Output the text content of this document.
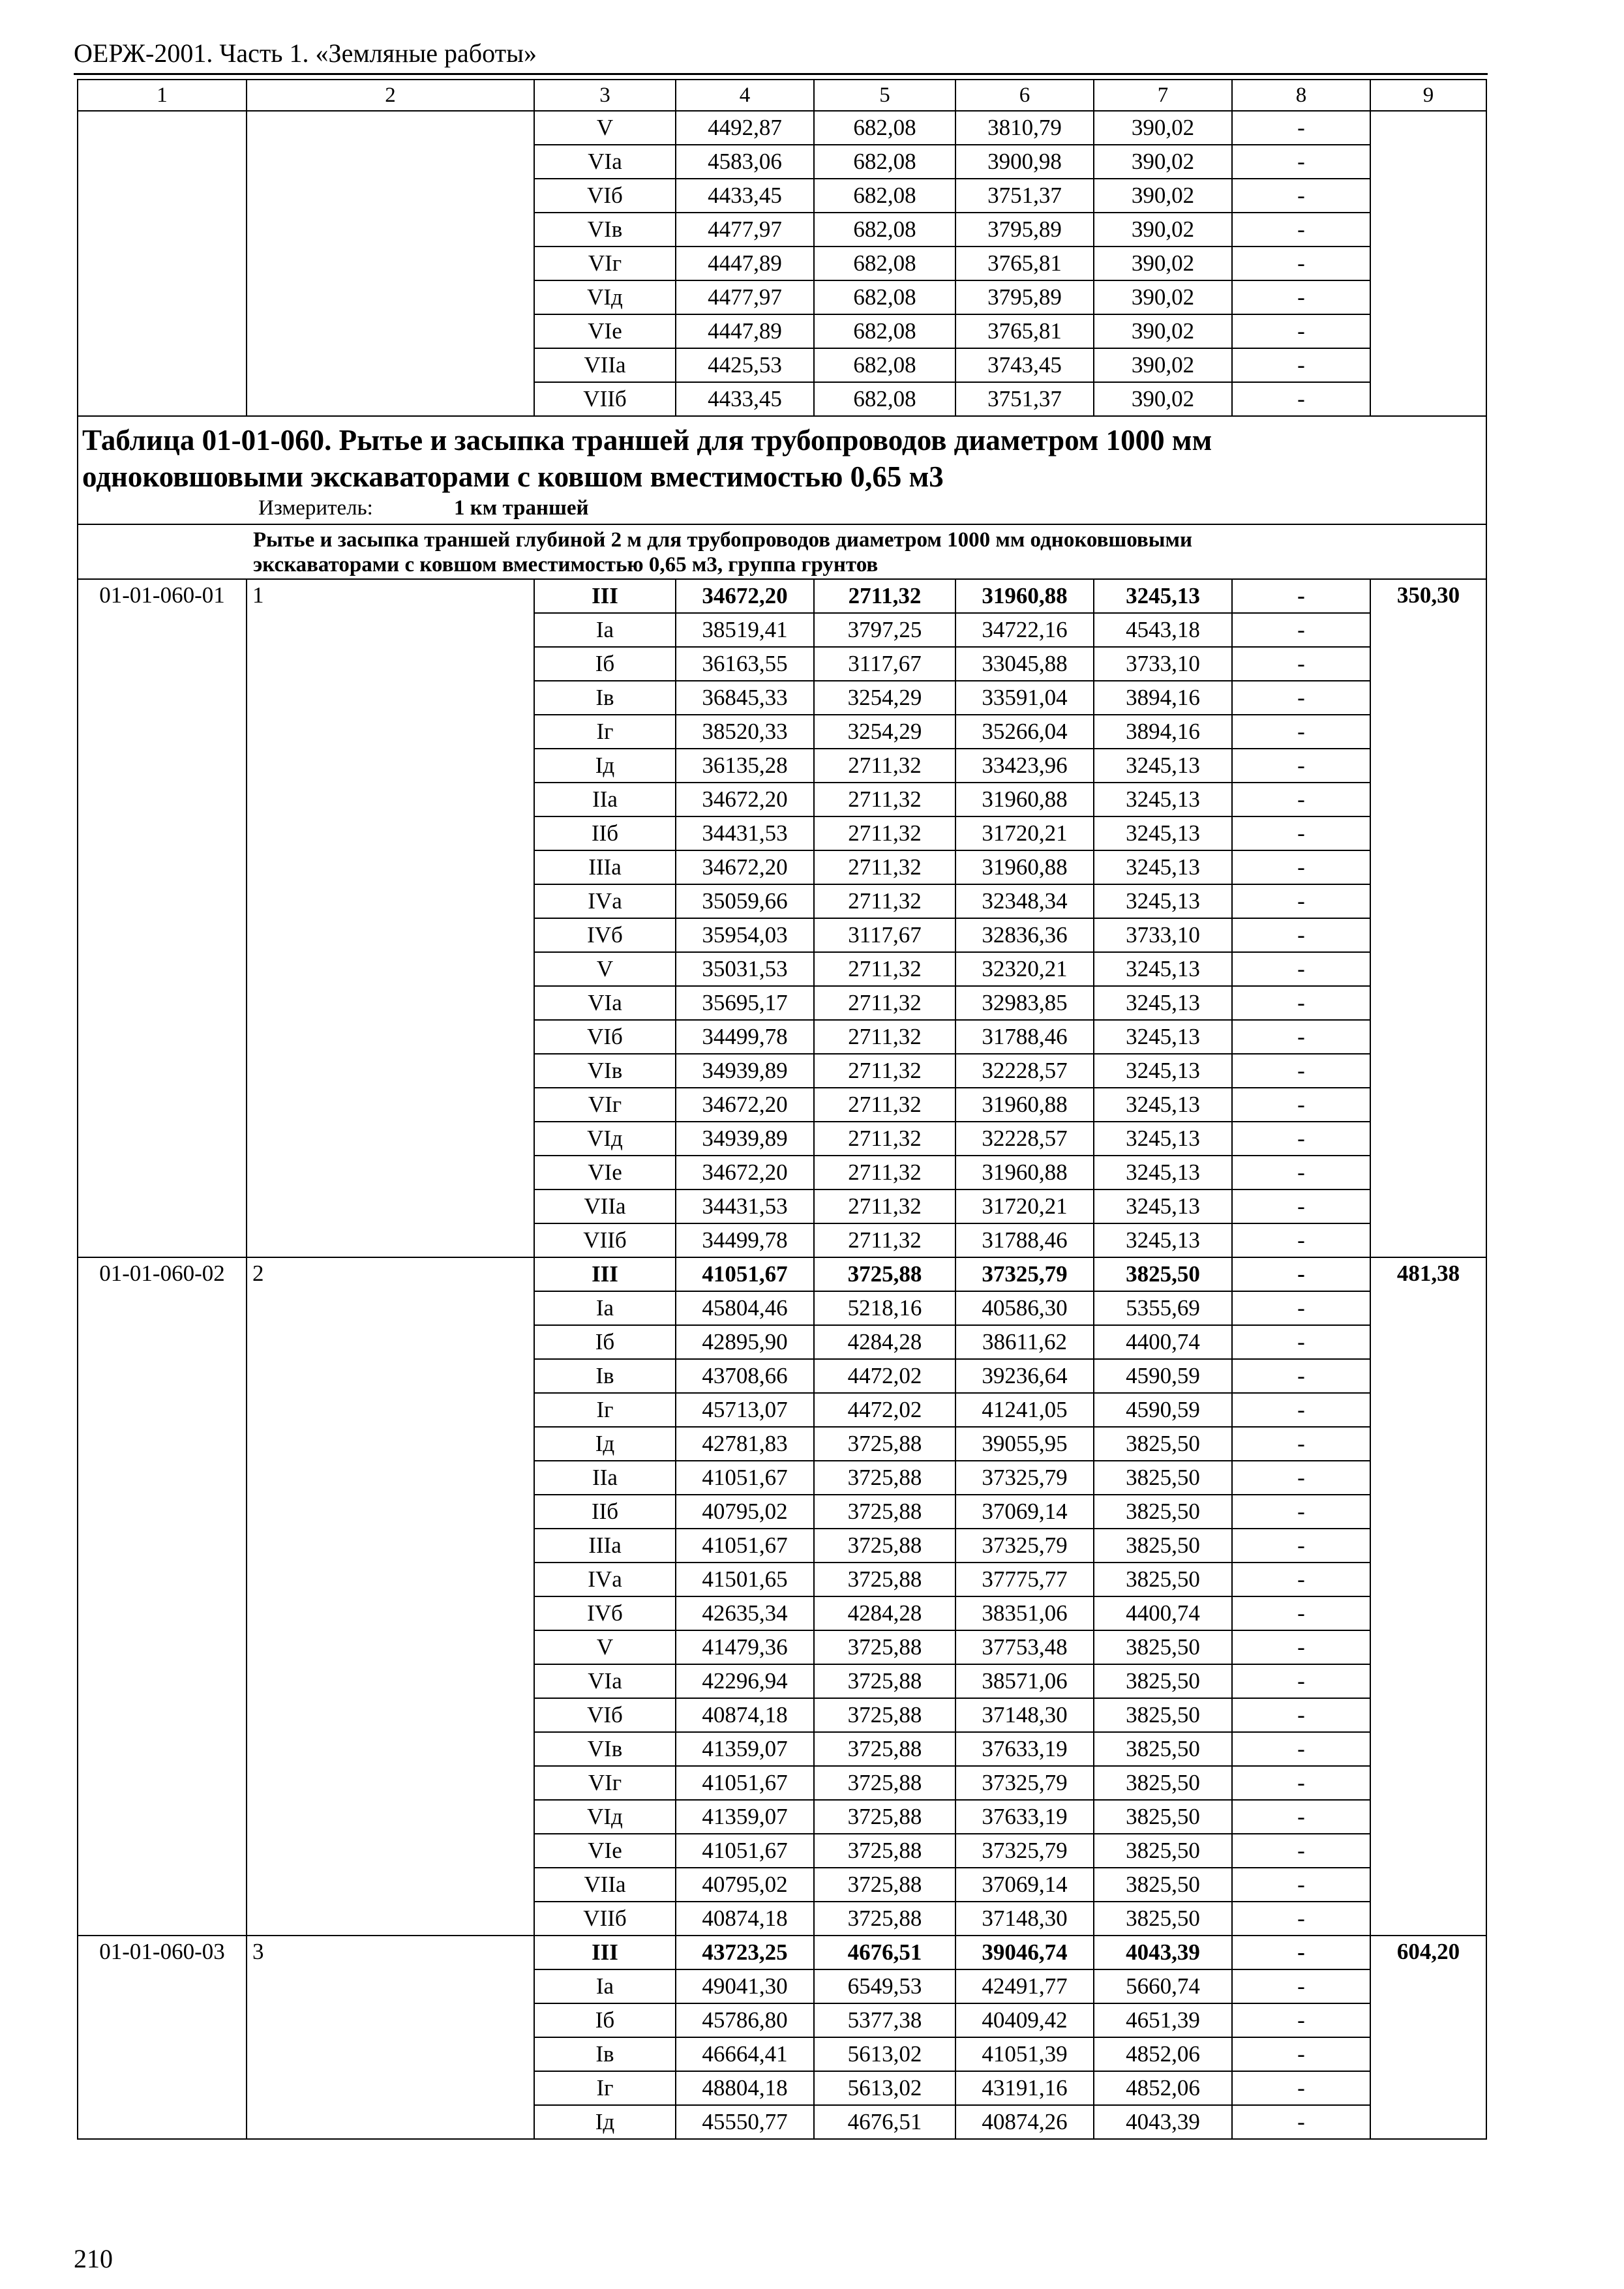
ОЕРЖ-2001. Часть 1. «Земляные работы»
1	2	3	4	5	6	7	8	9
		V	4492,87	682,08	3810,79	390,02	-	
		VIа	4583,06	682,08	3900,98	390,02	-	
		VIб	4433,45	682,08	3751,37	390,02	-	
		VIв	4477,97	682,08	3795,89	390,02	-	
		VIг	4447,89	682,08	3765,81	390,02	-	
		VIд	4477,97	682,08	3795,89	390,02	-	
		VIе	4447,89	682,08	3765,81	390,02	-	
		VIIа	4425,53	682,08	3743,45	390,02	-	
		VIIб	4433,45	682,08	3751,37	390,02	-	

Таблица 01-01-060. Рытье и засыпка траншей для трубопроводов диаметром 1000 мм
одноковшовыми экскаваторами с ковшом вместимостью 0,65 м3
Измеритель: 1 км траншей								

Рытье и засыпка траншей глубиной 2 м для трубопроводов диаметром 1000 мм одноковшовыми
экскаваторами с ковшом вместимостью 0,65 м3, группа грунтов								

01-01-060-01	1	III	34672,20	2711,32	31960,88	3245,13	-	350,30
		Iа	38519,41	3797,25	34722,16	4543,18	-	
		Iб	36163,55	3117,67	33045,88	3733,10	-	
		Iв	36845,33	3254,29	33591,04	3894,16	-	
		Iг	38520,33	3254,29	35266,04	3894,16	-	
		Iд	36135,28	2711,32	33423,96	3245,13	-	
		IIа	34672,20	2711,32	31960,88	3245,13	-	
		IIб	34431,53	2711,32	31720,21	3245,13	-	
		IIIа	34672,20	2711,32	31960,88	3245,13	-	
		IVа	35059,66	2711,32	32348,34	3245,13	-	
		IVб	35954,03	3117,67	32836,36	3733,10	-	
		V	35031,53	2711,32	32320,21	3245,13	-	
		VIа	35695,17	2711,32	32983,85	3245,13	-	
		VIб	34499,78	2711,32	31788,46	3245,13	-	
		VIв	34939,89	2711,32	32228,57	3245,13	-	
		VIг	34672,20	2711,32	31960,88	3245,13	-	
		VIд	34939,89	2711,32	32228,57	3245,13	-	
		VIе	34672,20	2711,32	31960,88	3245,13	-	
		VIIа	34431,53	2711,32	31720,21	3245,13	-	
		VIIб	34499,78	2711,32	31788,46	3245,13	-	
01-01-060-02	2	III	41051,67	3725,88	37325,79	3825,50	-	481,38
		Iа	45804,46	5218,16	40586,30	5355,69	-	
		Iб	42895,90	4284,28	38611,62	4400,74	-	
		Iв	43708,66	4472,02	39236,64	4590,59	-	
		Iг	45713,07	4472,02	41241,05	4590,59	-	
		Iд	42781,83	3725,88	39055,95	3825,50	-	
		IIа	41051,67	3725,88	37325,79	3825,50	-	
		IIб	40795,02	3725,88	37069,14	3825,50	-	
		IIIа	41051,67	3725,88	37325,79	3825,50	-	
		IVа	41501,65	3725,88	37775,77	3825,50	-	
		IVб	42635,34	4284,28	38351,06	4400,74	-	
		V	41479,36	3725,88	37753,48	3825,50	-	
		VIа	42296,94	3725,88	38571,06	3825,50	-	
		VIб	40874,18	3725,88	37148,30	3825,50	-	
		VIв	41359,07	3725,88	37633,19	3825,50	-	
		VIг	41051,67	3725,88	37325,79	3825,50	-	
		VIд	41359,07	3725,88	37633,19	3825,50	-	
		VIе	41051,67	3725,88	37325,79	3825,50	-	
		VIIа	40795,02	3725,88	37069,14	3825,50	-	
		VIIб	40874,18	3725,88	37148,30	3825,50	-	
01-01-060-03	3	III	43723,25	4676,51	39046,74	4043,39	-	604,20
		Iа	49041,30	6549,53	42491,77	5660,74	-	
		Iб	45786,80	5377,38	40409,42	4651,39	-	
		Iв	46664,41	5613,02	41051,39	4852,06	-	
		Iг	48804,18	5613,02	43191,16	4852,06	-	
		Iд	45550,77	4676,51	40874,26	4043,39	-	
210
